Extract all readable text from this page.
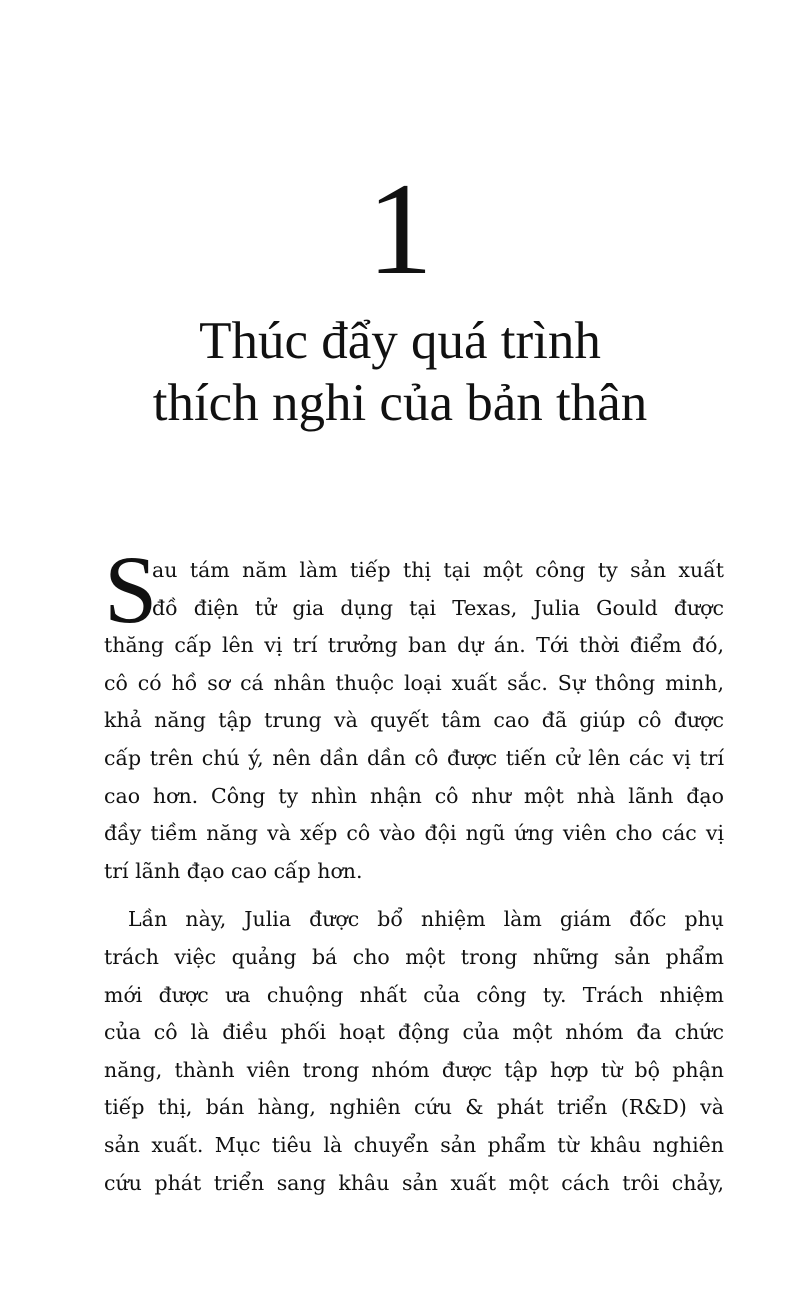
1
Thúc đẩy quá trình
thích nghi của bản thân
S
au tám năm làm tiếp thị tại một công ty sản xuất
đồ điện tử gia dụng tại Texas, Julia Gould được
thăng cấp lên vị trí trưởng ban dự án. Tới thời điểm đó,
cô có hồ sơ cá nhân thuộc loại xuất sắc. Sự thông minh,
khả năng tập trung và quyết tâm cao đã giúp cô được
cấp trên chú ý, nên dần dần cô được tiến cử lên các vị trí
cao hơn. Công ty nhìn nhận cô như một nhà lãnh đạo
đầy tiềm năng và xếp cô vào đội ngũ ứng viên cho các vị
trí lãnh đạo cao cấp hơn.
Lần này, Julia được bổ nhiệm làm giám đốc phụ
trách việc quảng bá cho một trong những sản phẩm
mới được ưa chuộng nhất của công ty. Trách nhiệm
của cô là điều phối hoạt động của một nhóm đa chức
năng, thành viên trong nhóm được tập hợp từ bộ phận
tiếp thị, bán hàng, nghiên cứu & phát triển (R&D) và
sản xuất. Mục tiêu là chuyển sản phẩm từ khâu nghiên
cứu phát triển sang khâu sản xuất một cách trôi chảy,
